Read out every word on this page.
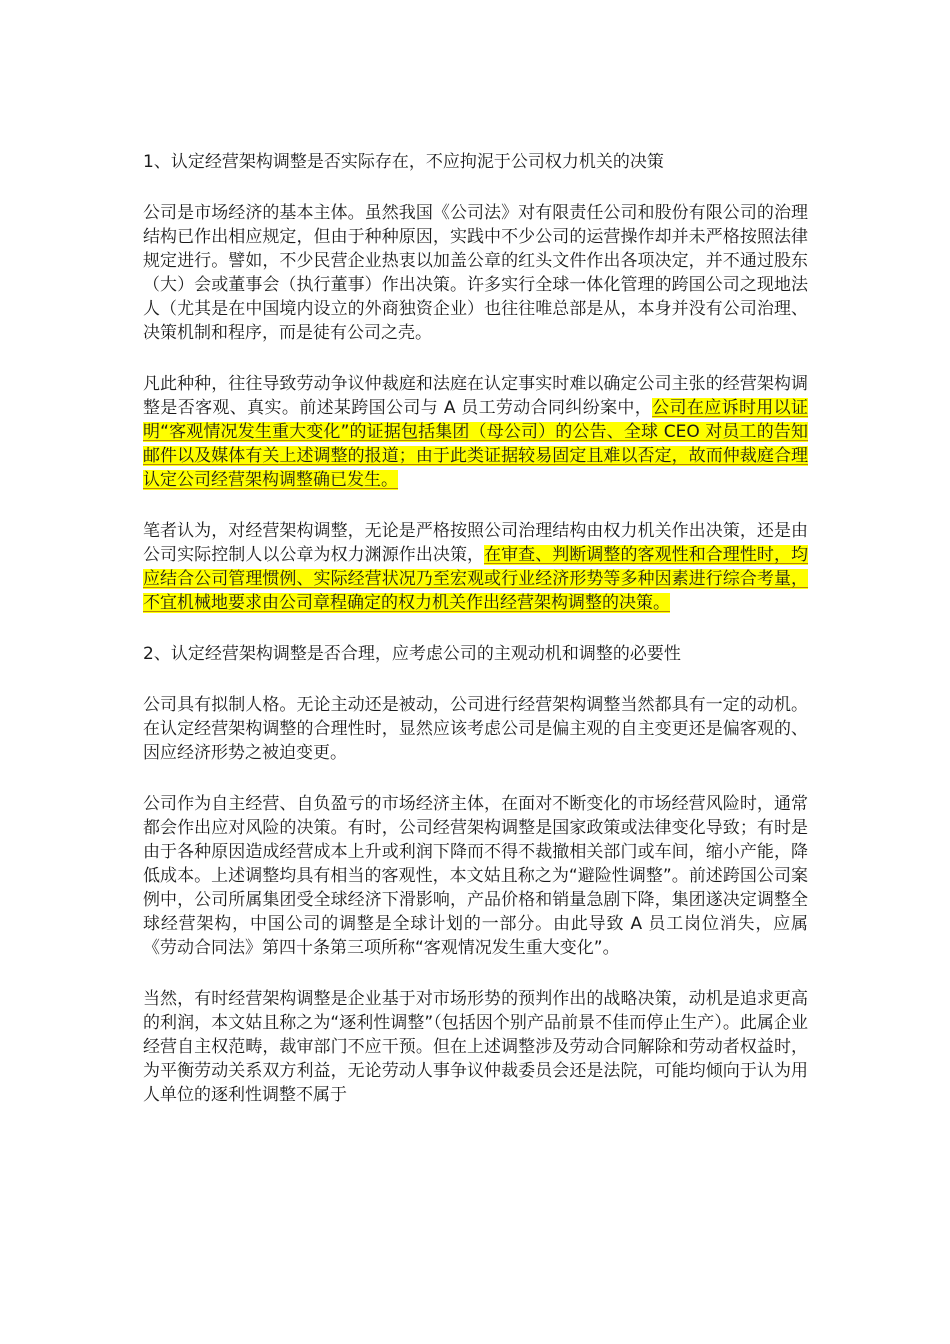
1、认定经营架构调整是否实际存在，不应拘泥于公司权力机关的决策

公司是市场经济的基本主体。虽然我国《公司法》对有限责任公司和股份有限公司的治理结构已作出相应规定，但由于种种原因，实践中不少公司的运营操作却并未严格按照法律规定进行。譬如，不少民营企业热衷以加盖公章的红头文件作出各项决定，并不通过股东（大）会或董事会（执行董事）作出决策。许多实行全球一体化管理的跨国公司之现地法人（尤其是在中国境内设立的外商独资企业）也往往唯总部是从，本身并没有公司治理、决策机制和程序，而是徒有公司之壳。

凡此种种，往往导致劳动争议仲裁庭和法庭在认定事实时难以确定公司主张的经营架构调整是否客观、真实。前述某跨国公司与 A 员工劳动合同纠纷案中，公司在应诉时用以证明“客观情况发生重大变化”的证据包括集团（母公司）的公告、全球 CEO 对员工的告知邮件以及媒体有关上述调整的报道；由于此类证据较易固定且难以否定，故而仲裁庭合理认定公司经营架构调整确已发生。

笔者认为，对经营架构调整，无论是严格按照公司治理结构由权力机关作出决策，还是由公司实际控制人以公章为权力渊源作出决策，在审查、判断调整的客观性和合理性时，均应结合公司管理惯例、实际经营状况乃至宏观或行业经济形势等多种因素进行综合考量，不宜机械地要求由公司章程确定的权力机关作出经营架构调整的决策。

2、认定经营架构调整是否合理，应考虑公司的主观动机和调整的必要性

公司具有拟制人格。无论主动还是被动，公司进行经营架构调整当然都具有一定的动机。在认定经营架构调整的合理性时，显然应该考虑公司是偏主观的自主变更还是偏客观的、因应经济形势之被迫变更。

公司作为自主经营、自负盈亏的市场经济主体，在面对不断变化的市场经营风险时，通常都会作出应对风险的决策。有时，公司经营架构调整是国家政策或法律变化导致；有时是由于各种原因造成经营成本上升或利润下降而不得不裁撤相关部门或车间，缩小产能，降低成本。上述调整均具有相当的客观性，本文姑且称之为“避险性调整”。前述跨国公司案例中，公司所属集团受全球经济下滑影响，产品价格和销量急剧下降，集团遂决定调整全球经营架构，中国公司的调整是全球计划的一部分。由此导致 A 员工岗位消失，应属《劳动合同法》第四十条第三项所称“客观情况发生重大变化”。

当然，有时经营架构调整是企业基于对市场形势的预判作出的战略决策，动机是追求更高的利润，本文姑且称之为“逐利性调整”（包括因个别产品前景不佳而停止生产）。此属企业经营自主权范畴，裁审部门不应干预。但在上述调整涉及劳动合同解除和劳动者权益时，为平衡劳动关系双方利益，无论劳动人事争议仲裁委员会还是法院，可能均倾向于认为用人单位的逐利性调整不属于
